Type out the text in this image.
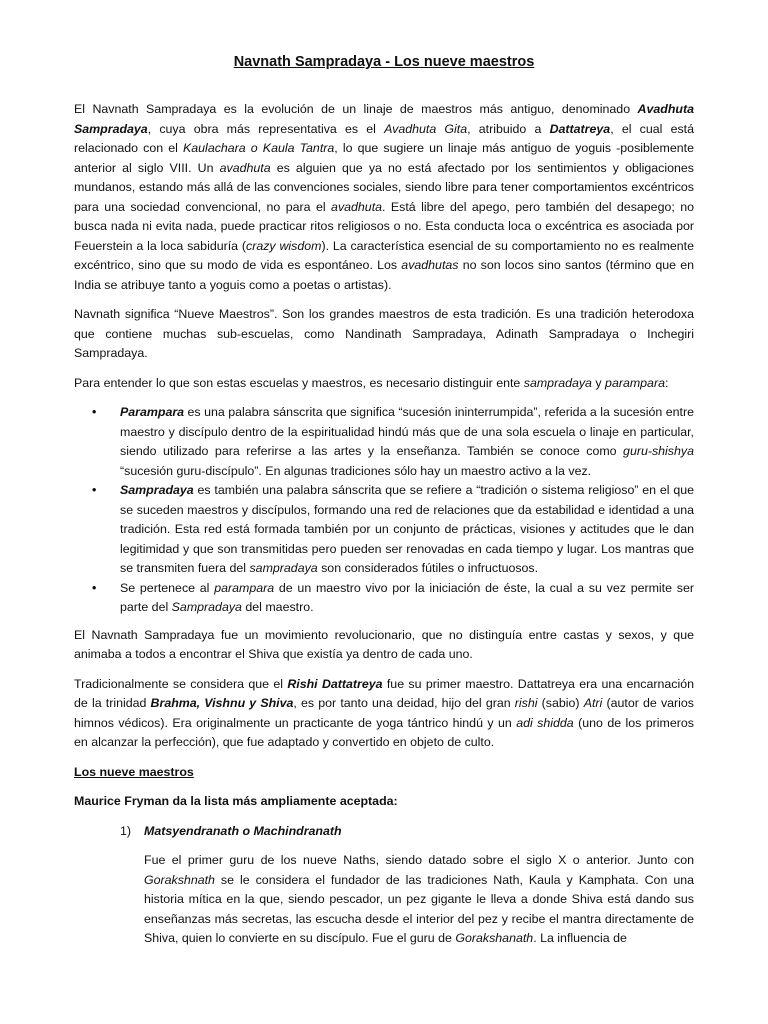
Navnath Sampradaya - Los nueve maestros

El Navnath Sampradaya es la evolución de un linaje de maestros más antiguo, denominado Avadhuta Sampradaya, cuya obra más representativa es el Avadhuta Gita, atribuido a Dattatreya, el cual está relacionado con el Kaulachara o Kaula Tantra, lo que sugiere un linaje más antiguo de yoguis -posiblemente anterior al siglo VIII. Un avadhuta es alguien que ya no está afectado por los sentimientos y obligaciones mundanos, estando más allá de las convenciones sociales, siendo libre para tener comportamientos excéntricos para una sociedad convencional, no para el avadhuta. Está libre del apego, pero también del desapego; no busca nada ni evita nada, puede practicar ritos religiosos o no. Esta conducta loca o excéntrica es asociada por Feuerstein a la loca sabiduría (crazy wisdom). La característica esencial de su comportamiento no es realmente excéntrico, sino que su modo de vida es espontáneo. Los avadhutas no son locos sino santos (término que en India se atribuye tanto a yoguis como a poetas o artistas).

Navnath significa “Nueve Maestros”. Son los grandes maestros de esta tradición. Es una tradición heterodoxa que contiene muchas sub-escuelas, como Nandinath Sampradaya, Adinath Sampradaya o Inchegiri Sampradaya.

Para entender lo que son estas escuelas y maestros, es necesario distinguir ente sampradaya y parampara:

• Parampara es una palabra sánscrita que significa “sucesión ininterrumpida”, referida a la sucesión entre maestro y discípulo dentro de la espiritualidad hindú más que de una sola escuela o linaje en particular, siendo utilizado para referirse a las artes y la enseñanza. También se conoce como guru-shishya “sucesión guru-discípulo”. En algunas tradiciones sólo hay un maestro activo a la vez.
• Sampradaya es también una palabra sánscrita que se refiere a “tradición o sistema religioso” en el que se suceden maestros y discípulos, formando una red de relaciones que da estabilidad e identidad a una tradición. Esta red está formada también por un conjunto de prácticas, visiones y actitudes que le dan legitimidad y que son transmitidas pero pueden ser renovadas en cada tiempo y lugar. Los mantras que se transmiten fuera del sampradaya son considerados fútiles o infructuosos.
• Se pertenece al parampara de un maestro vivo por la iniciación de éste, la cual a su vez permite ser parte del Sampradaya del maestro.

El Navnath Sampradaya fue un movimiento revolucionario, que no distinguía entre castas y sexos, y que animaba a todos a encontrar el Shiva que existía ya dentro de cada uno.

Tradicionalmente se considera que el Rishi Dattatreya fue su primer maestro. Dattatreya era una encarnación de la trinidad Brahma, Vishnu y Shiva, es por tanto una deidad, hijo del gran rishi (sabio) Atri (autor de varios himnos védicos). Era originalmente un practicante de yoga tántrico hindú y un adi shidda (uno de los primeros en alcanzar la perfección), que fue adaptado y convertido en objeto de culto.

Los nueve maestros
Maurice Fryman da la lista más ampliamente aceptada:
1) Matsyendranath o Machindranath
Fue el primer guru de los nueve Naths, siendo datado sobre el siglo X o anterior. Junto con Gorakshnath se le considera el fundador de las tradiciones Nath, Kaula y Kamphata. Con una historia mítica en la que, siendo pescador, un pez gigante le lleva a donde Shiva está dando sus enseñanzas más secretas, las escucha desde el interior del pez y recibe el mantra directamente de Shiva, quien lo convierte en su discípulo. Fue el guru de Gorakshanath. La influencia de
